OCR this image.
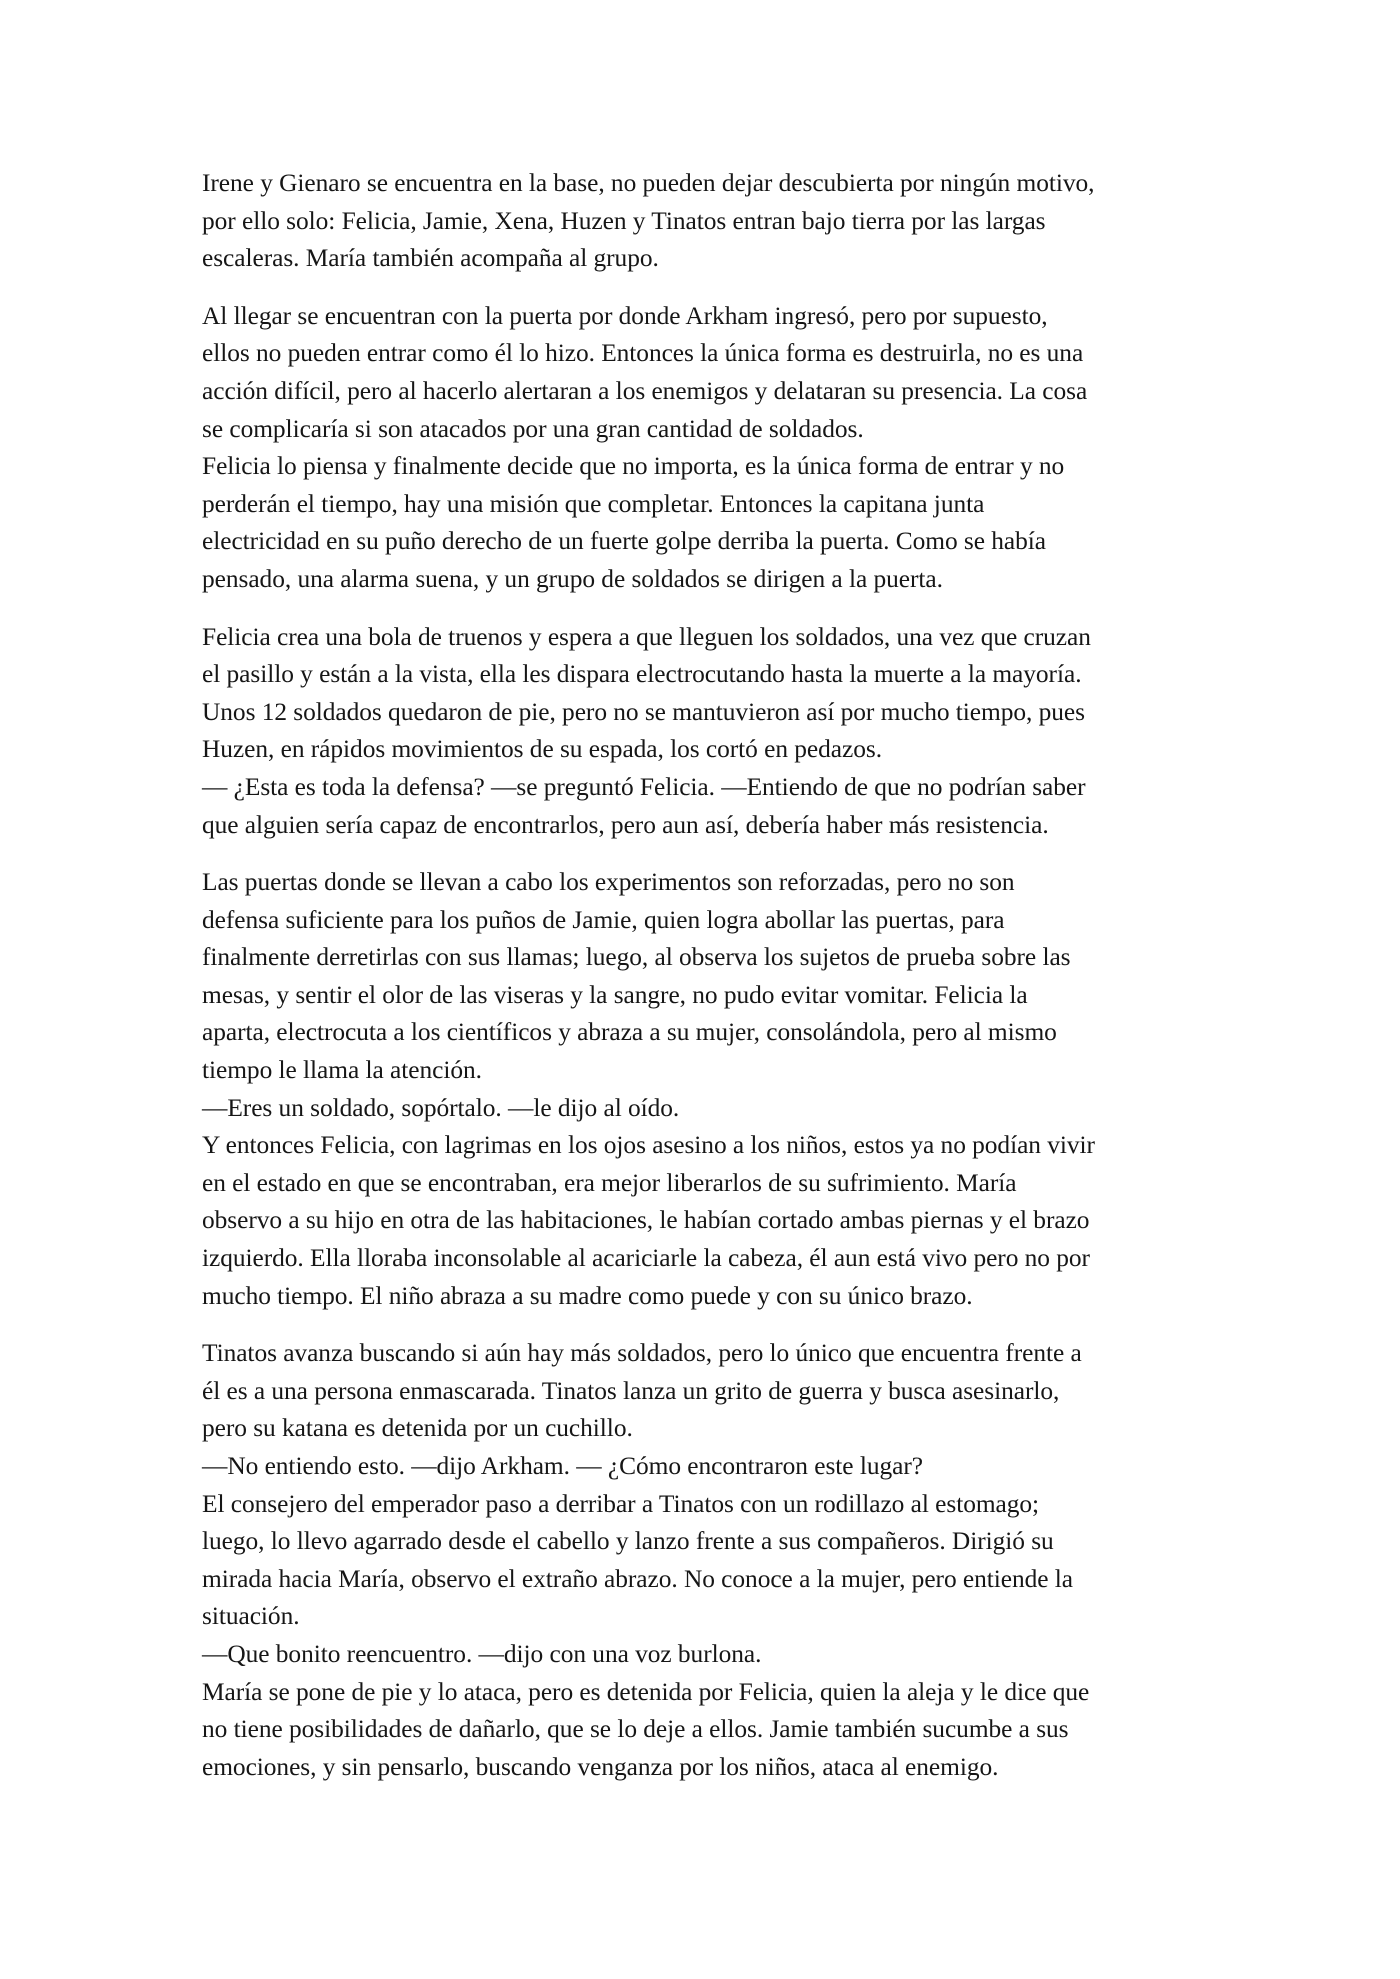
Irene y Gienaro se encuentra en la base, no pueden dejar descubierta por ningún motivo,
por ello solo: Felicia, Jamie, Xena, Huzen y Tinatos entran bajo tierra por las largas
escaleras. María también acompaña al grupo.

Al llegar se encuentran con la puerta por donde Arkham ingresó, pero por supuesto,
ellos no pueden entrar como él lo hizo. Entonces la única forma es destruirla, no es una
acción difícil, pero al hacerlo alertaran a los enemigos y delataran su presencia. La cosa
se complicaría si son atacados por una gran cantidad de soldados.
Felicia lo piensa y finalmente decide que no importa, es la única forma de entrar y no
perderán el tiempo, hay una misión que completar. Entonces la capitana junta
electricidad en su puño derecho de un fuerte golpe derriba la puerta. Como se había
pensado, una alarma suena, y un grupo de soldados se dirigen a la puerta.

Felicia crea una bola de truenos y espera a que lleguen los soldados, una vez que cruzan
el pasillo y están a la vista, ella les dispara electrocutando hasta la muerte a la mayoría.
Unos 12 soldados quedaron de pie, pero no se mantuvieron así por mucho tiempo, pues
Huzen, en rápidos movimientos de su espada, los cortó en pedazos.
— ¿Esta es toda la defensa? —se preguntó Felicia. —Entiendo de que no podrían saber
que alguien sería capaz de encontrarlos, pero aun así, debería haber más resistencia.

Las puertas donde se llevan a cabo los experimentos son reforzadas, pero no son
defensa suficiente para los puños de Jamie, quien logra abollar las puertas, para
finalmente derretirlas con sus llamas; luego, al observa los sujetos de prueba sobre las
mesas, y sentir el olor de las viseras y la sangre, no pudo evitar vomitar. Felicia la
aparta, electrocuta a los científicos y abraza a su mujer, consolándola, pero al mismo
tiempo le llama la atención.
—Eres un soldado, sopórtalo. —le dijo al oído.
Y entonces Felicia, con lagrimas en los ojos asesino a los niños, estos ya no podían vivir
en el estado en que se encontraban, era mejor liberarlos de su sufrimiento. María
observo a su hijo en otra de las habitaciones, le habían cortado ambas piernas y el brazo
izquierdo. Ella lloraba inconsolable al acariciarle la cabeza, él aun está vivo pero no por
mucho tiempo. El niño abraza a su madre como puede y con su único brazo.

Tinatos avanza buscando si aún hay más soldados, pero lo único que encuentra frente a
él es a una persona enmascarada. Tinatos lanza un grito de guerra y busca asesinarlo,
pero su katana es detenida por un cuchillo.
—No entiendo esto. —dijo Arkham. — ¿Cómo encontraron este lugar?
El consejero del emperador paso a derribar a Tinatos con un rodillazo al estomago;
luego, lo llevo agarrado desde el cabello y lanzo frente a sus compañeros. Dirigió su
mirada hacia María, observo el extraño abrazo. No conoce a la mujer, pero entiende la
situación.
—Que bonito reencuentro. —dijo con una voz burlona.
María se pone de pie y lo ataca, pero es detenida por Felicia, quien la aleja y le dice que
no tiene posibilidades de dañarlo, que se lo deje a ellos. Jamie también sucumbe a sus
emociones, y sin pensarlo, buscando venganza por los niños, ataca al enemigo.
